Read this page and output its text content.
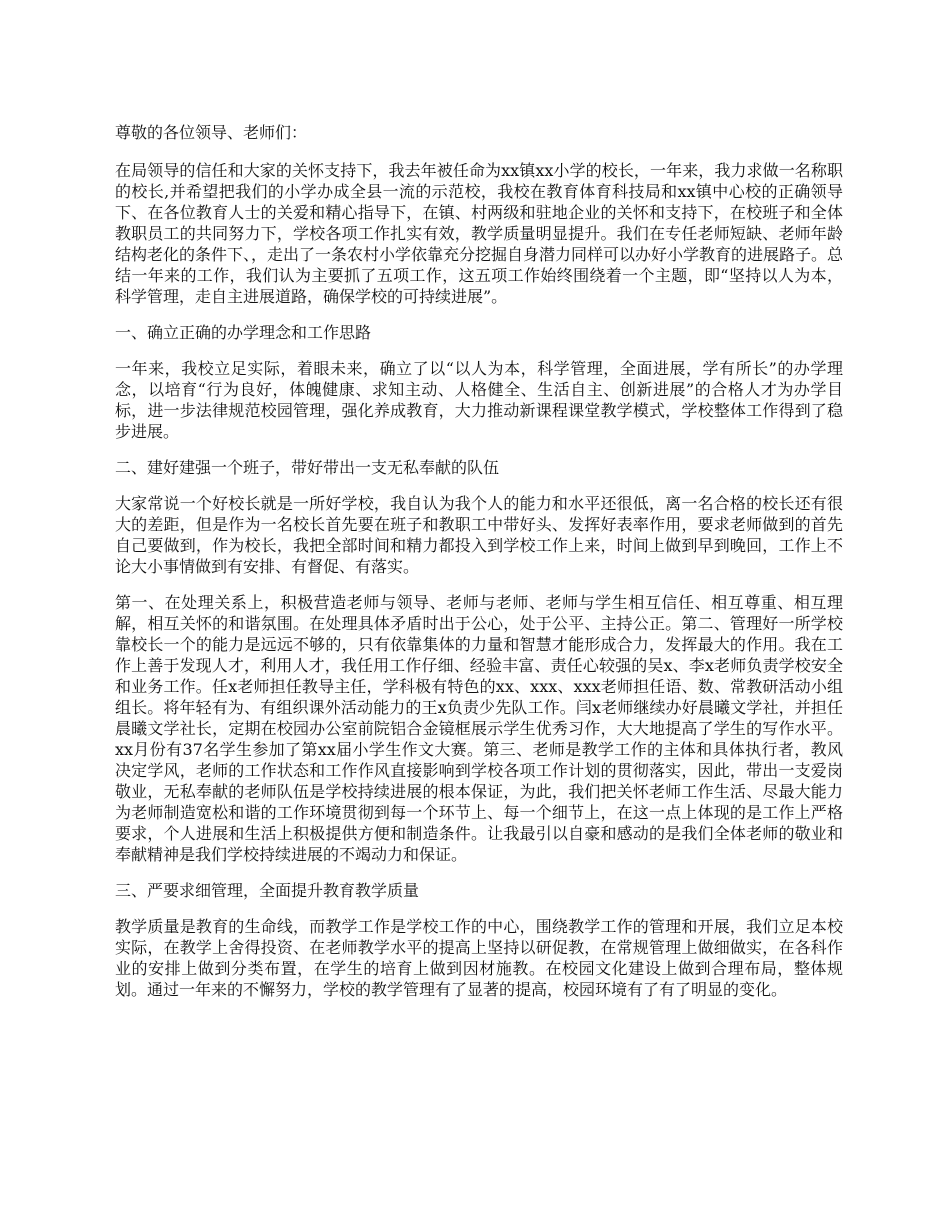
尊敬的各位领导、老师们：

在局领导的信任和大家的关怀支持下，我去年被任命为xx镇xx小学的校长，一年来，我力求做一名称职的校长,并希望把我们的小学办成全县一流的示范校，我校在教育体育科技局和xx镇中心校的正确领导下、在各位教育人士的关爱和精心指导下，在镇、村两级和驻地企业的关怀和支持下，在校班子和全体教职员工的共同努力下，学校各项工作扎实有效，教学质量明显提升。我们在专任老师短缺、老师年龄结构老化的条件下、，走出了一条农村小学依靠充分挖掘自身潜力同样可以办好小学教育的进展路子。总结一年来的工作，我们认为主要抓了五项工作，这五项工作始终围绕着一个主题，即“坚持以人为本，科学管理，走自主进展道路，确保学校的可持续进展”。

一、确立正确的办学理念和工作思路

一年来，我校立足实际，着眼未来，确立了以“以人为本，科学管理，全面进展，学有所长”的办学理念，以培育“行为良好，体魄健康、求知主动、人格健全、生活自主、创新进展”的合格人才为办学目标，进一步法律规范校园管理，强化养成教育，大力推动新课程课堂教学模式，学校整体工作得到了稳步进展。

二、建好建强一个班子，带好带出一支无私奉献的队伍

大家常说一个好校长就是一所好学校，我自认为我个人的能力和水平还很低，离一名合格的校长还有很大的差距，但是作为一名校长首先要在班子和教职工中带好头、发挥好表率作用，要求老师做到的首先自己要做到，作为校长，我把全部时间和精力都投入到学校工作上来，时间上做到早到晚回，工作上不论大小事情做到有安排、有督促、有落实。

第一、在处理关系上，积极营造老师与领导、老师与老师、老师与学生相互信任、相互尊重、相互理解，相互关怀的和谐氛围。在处理具体矛盾时出于公心，处于公平、主持公正。第二、管理好一所学校靠校长一个的能力是远远不够的，只有依靠集体的力量和智慧才能形成合力，发挥最大的作用。我在工作上善于发现人才，利用人才，我任用工作仔细、经验丰富、责任心较强的吴x、李x老师负责学校安全和业务工作。任x老师担任教导主任，学科极有特色的xx、xxx、xxx老师担任语、数、常教研活动小组组长。将年轻有为、有组织课外活动能力的王x负责少先队工作。闫x老师继续办好晨曦文学社，并担任晨曦文学社长，定期在校园办公室前院铝合金镜框展示学生优秀习作，大大地提高了学生的写作水平。xx月份有37名学生参加了第xx届小学生作文大赛。第三、老师是教学工作的主体和具体执行者，教风决定学风，老师的工作状态和工作作风直接影响到学校各项工作计划的贯彻落实，因此，带出一支爱岗敬业，无私奉献的老师队伍是学校持续进展的根本保证，为此，我们把关怀老师工作生活、尽最大能力为老师制造宽松和谐的工作环境贯彻到每一个环节上、每一个细节上，在这一点上体现的是工作上严格要求，个人进展和生活上积极提供方便和制造条件。让我最引以自豪和感动的是我们全体老师的敬业和奉献精神是我们学校持续进展的不竭动力和保证。

三、严要求细管理，全面提升教育教学质量

教学质量是教育的生命线，而教学工作是学校工作的中心，围绕教学工作的管理和开展，我们立足本校实际，在教学上舍得投资、在老师教学水平的提高上坚持以研促教，在常规管理上做细做实，在各科作业的安排上做到分类布置，在学生的培育上做到因材施教。在校园文化建设上做到合理布局，整体规划。通过一年来的不懈努力，学校的教学管理有了显著的提高，校园环境有了有了明显的变化。
